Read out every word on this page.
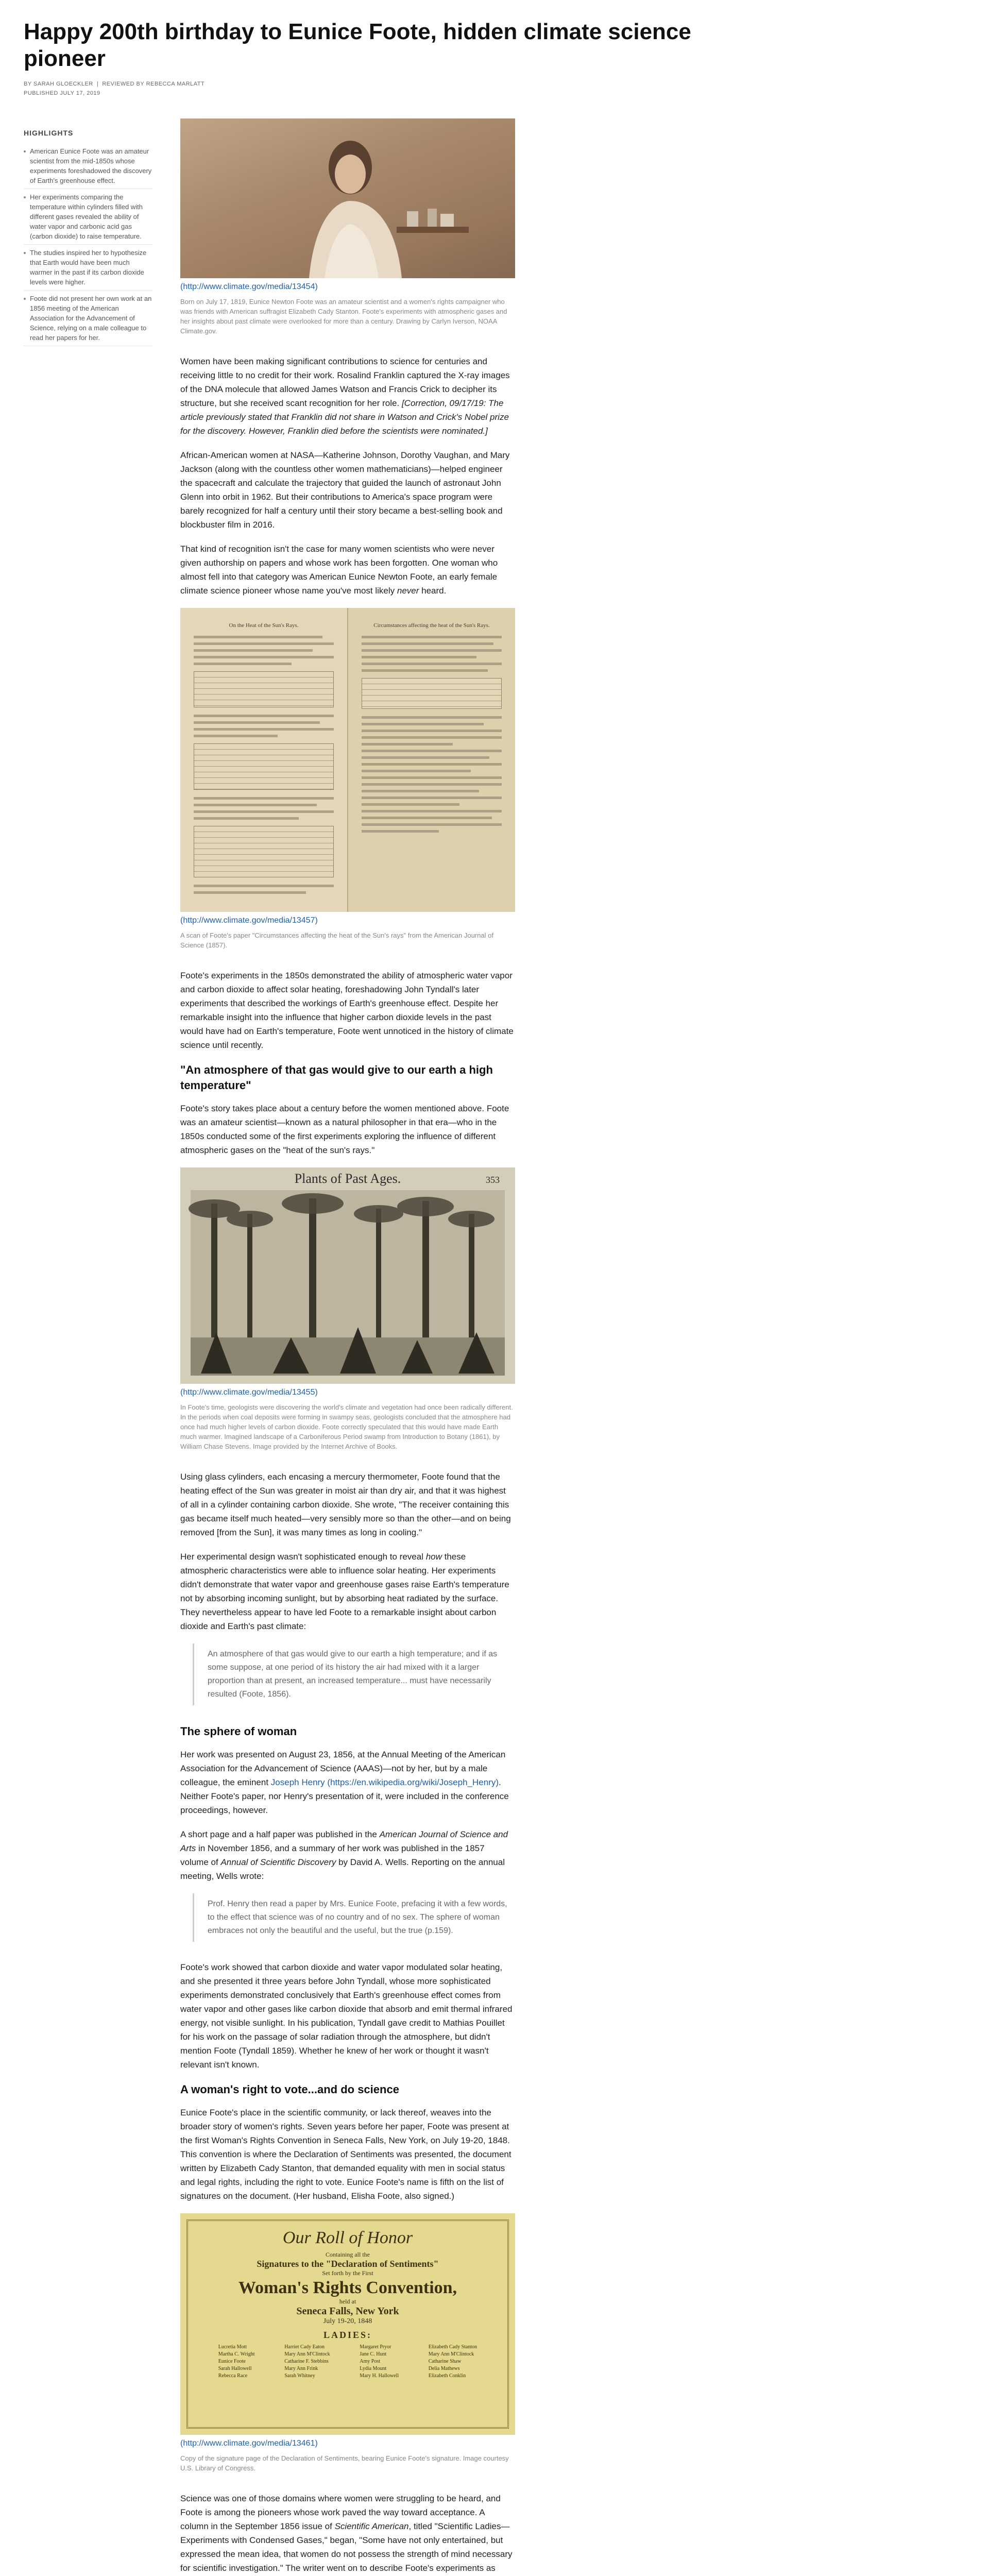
Happy 200th birthday to Eunice Foote, hidden climate science pioneer
BY SARAH GLOECKLER  |  REVIEWED BY REBECCA MARLATT
PUBLISHED JULY 17, 2019
HIGHLIGHTS
American Eunice Foote was an amateur scientist from the mid-1850s whose experiments foreshadowed the discovery of Earth's greenhouse effect.
Her experiments comparing the temperature within cylinders filled with different gases revealed the ability of water vapor and carbonic acid gas (carbon dioxide) to raise temperature.
The studies inspired her to hypothesize that Earth would have been much warmer in the past if its carbon dioxide levels were higher.
Foote did not present her own work at an 1856 meeting of the American Association for the Advancement of Science, relying on a male colleague to read her papers for her.
(http://www.climate.gov/media/13454)
Born on July 17, 1819, Eunice Newton Foote was an amateur scientist and a women's rights campaigner who was friends with American suffragist Elizabeth Cady Stanton. Foote's experiments with atmospheric gases and her insights about past climate were overlooked for more than a century. Drawing by Carlyn Iverson, NOAA Climate.gov.

Women have been making significant contributions to science for centuries and receiving little to no credit for their work. Rosalind Franklin captured the X-ray images of the DNA molecule that allowed James Watson and Francis Crick to decipher its structure, but she received scant recognition for her role. [Correction, 09/17/19: The article previously stated that Franklin did not share in Watson and Crick's Nobel prize for the discovery. However, Franklin died before the scientists were nominated.]

African-American women at NASA—Katherine Johnson, Dorothy Vaughan, and Mary Jackson (along with the countless other women mathematicians)—helped engineer the spacecraft and calculate the trajectory that guided the launch of astronaut John Glenn into orbit in 1962. But their contributions to America's space program were barely recognized for half a century until their story became a best-selling book and blockbuster film in 2016.

That kind of recognition isn't the case for many women scientists who were never given authorship on papers and whose work has been forgotten. One woman who almost fell into that category was American Eunice Newton Foote, an early female climate science pioneer whose name you've most likely never heard.

On the Heat of the Sun's Rays.	Circumstances affecting the heat of the Sun's Rays.
(http://www.climate.gov/media/13457)
A scan of Foote's paper "Circumstances affecting the heat of the Sun's rays" from the American Journal of Science (1857).

Foote's experiments in the 1850s demonstrated the ability of atmospheric water vapor and carbon dioxide to affect solar heating, foreshadowing John Tyndall's later experiments that described the workings of Earth's greenhouse effect. Despite her remarkable insight into the influence that higher carbon dioxide levels in the past would have had on Earth's temperature, Foote went unnoticed in the history of climate science until recently.

"An atmosphere of that gas would give to our earth a high temperature"

Foote's story takes place about a century before the women mentioned above. Foote was an amateur scientist—known as a natural philosopher in that era—who in the 1850s conducted some of the first experiments exploring the influence of different atmospheric gases on the "heat of the sun's rays."

Plants of Past Ages.	353
(http://www.climate.gov/media/13455)
In Foote's time, geologists were discovering the world's climate and vegetation had once been radically different. In the periods when coal deposits were forming in swampy seas, geologists concluded that the atmosphere had once had much higher levels of carbon dioxide. Foote correctly speculated that this would have made Earth much warmer. Imagined landscape of a Carboniferous Period swamp from Introduction to Botany (1861), by William Chase Stevens. Image provided by the Internet Archive of Books.

Using glass cylinders, each encasing a mercury thermometer, Foote found that the heating effect of the Sun was greater in moist air than dry air, and that it was highest of all in a cylinder containing carbon dioxide. She wrote, "The receiver containing this gas became itself much heated—very sensibly more so than the other—and on being removed [from the Sun], it was many times as long in cooling."

Her experimental design wasn't sophisticated enough to reveal how these atmospheric characteristics were able to influence solar heating. Her experiments didn't demonstrate that water vapor and greenhouse gases raise Earth's temperature not by absorbing incoming sunlight, but by absorbing heat radiated by the surface. They nevertheless appear to have led Foote to a remarkable insight about carbon dioxide and Earth's past climate:

An atmosphere of that gas would give to our earth a high temperature; and if as some suppose, at one period of its history the air had mixed with it a larger proportion than at present, an increased temperature... must have necessarily resulted (Foote, 1856).
The sphere of woman

Her work was presented on August 23, 1856, at the Annual Meeting of the American Association for the Advancement of Science (AAAS)—not by her, but by a male colleague, the eminent Joseph Henry (https://en.wikipedia.org/wiki/Joseph_Henry). Neither Foote's paper, nor Henry's presentation of it, were included in the conference proceedings, however.

A short page and a half paper was published in the American Journal of Science and Arts in November 1856, and a summary of her work was published in the 1857 volume of Annual of Scientific Discovery by David A. Wells. Reporting on the annual meeting, Wells wrote:

Prof. Henry then read a paper by Mrs. Eunice Foote, prefacing it with a few words, to the effect that science was of no country and of no sex. The sphere of woman embraces not only the beautiful and the useful, but the true (p.159).

Foote's work showed that carbon dioxide and water vapor modulated solar heating, and she presented it three years before John Tyndall, whose more sophisticated experiments demonstrated conclusively that Earth's greenhouse effect comes from water vapor and other gases like carbon dioxide that absorb and emit thermal infrared energy, not visible sunlight. In his publication, Tyndall gave credit to Mathias Pouillet for his work on the passage of solar radiation through the atmosphere, but didn't mention Foote (Tyndall 1859). Whether he knew of her work or thought it wasn't relevant isn't known.

A woman's right to vote...and do science

Eunice Foote's place in the scientific community, or lack thereof, weaves into the broader story of women's rights. Seven years before her paper, Foote was present at the first Woman's Rights Convention in Seneca Falls, New York, on July 19-20, 1848. This convention is where the Declaration of Sentiments was presented, the document written by Elizabeth Cady Stanton, that demanded equality with men in social status and legal rights, including the right to vote. Eunice Foote's name is fifth on the list of signatures on the document. (Her husband, Elisha Foote, also signed.)

Our Roll of Honor
Containing all the
Signatures to the "Declaration of Sentiments"
Set forth by the First
Woman's Rights Convention,
held at
Seneca Falls, New York
July 19-20, 1848
LADIES:
Lucretia Mott
Martha C. Wright
Eunice Foote
Sarah Hallowell
Rebecca Race
Harriet Cady Eaton
Mary Ann M'Clintock
Catharine F. Stebbins
Mary Ann Frink
Sarah Whitney
Margaret Pryor
Jane C. Hunt
Amy Post
Lydia Mount
Mary H. Hallowell
Elizabeth Cady Stanton
Mary Ann M'Clintock
Catharine Shaw
Delia Mathews
Elizabeth Conklin
(http://www.climate.gov/media/13461)
Copy of the signature page of the Declaration of Sentiments, bearing Eunice Foote's signature. Image courtesy U.S. Library of Congress.

Science was one of those domains where women were struggling to be heard, and Foote is among the pioneers whose work paved the way toward acceptance. A column in the September 1856 issue of Scientific American, titled "Scientific Ladies—Experiments with Condensed Gases," began, "Some have not only entertained, but expressed the mean idea, that women do not possess the strength of mind necessary for scientific investigation." The writer went on to describe Foote's experiments as
